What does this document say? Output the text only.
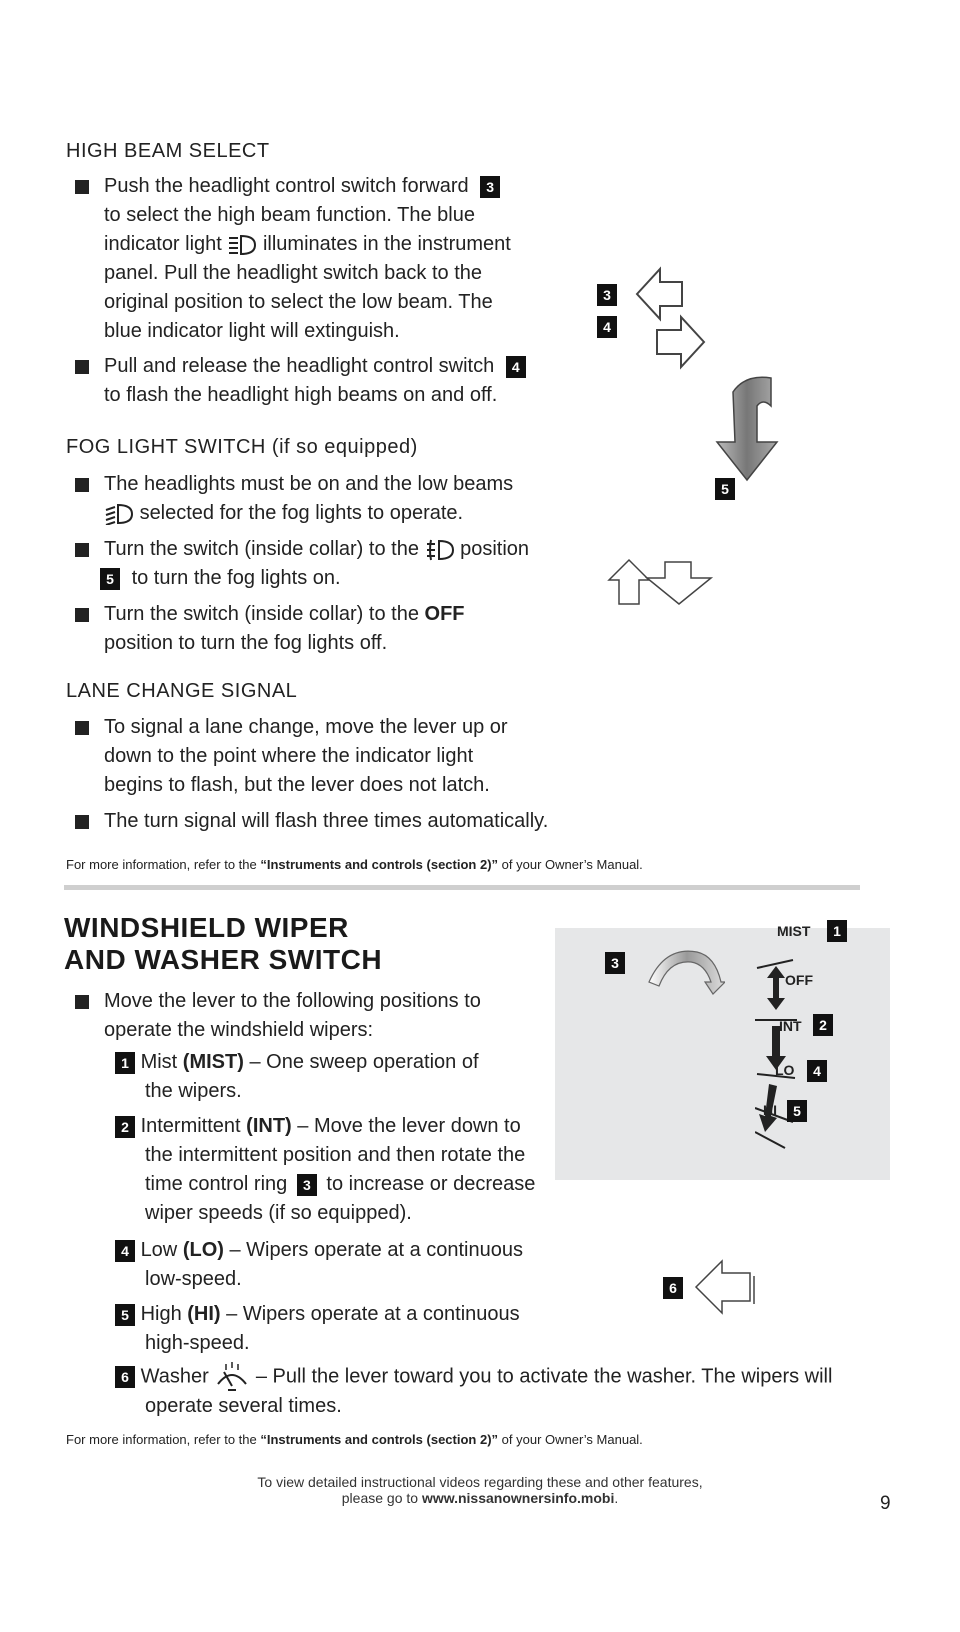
HIGH BEAM SELECT
Push the headlight control switch forward 3
to select the high beam function. The blue
indicator light illuminates in the instrument
panel. Pull the headlight switch back to the
original position to select the low beam. The
blue indicator light will extinguish.
Pull and release the headlight control switch 4
to flash the headlight high beams on and off.
FOG LIGHT SWITCH (if so equipped)
The headlights must be on and the low beams
selected for the fog lights to operate.
Turn the switch (inside collar) to the position
5 to turn the fog lights on.
Turn the switch (inside collar) to the OFF
position to turn the fog lights off.
LANE CHANGE SIGNAL
To signal a lane change, move the lever up or
down to the point where the indicator light
begins to flash, but the lever does not latch.
The turn signal will flash three times automatically.
For more information, refer to the “Instruments and controls (section 2)” of your Owner’s Manual.
3
4
5
WINDSHIELD WIPER
AND WASHER SWITCH
Move the lever to the following positions to
operate the windshield wipers:
1 Mist (MIST) – One sweep operation of
the wipers.
2 Intermittent (INT) – Move the lever down to
the intermittent position and then rotate the
time control ring 3 to increase or decrease
wiper speeds (if so equipped).
4 Low (LO) – Wipers operate at a continuous
low-speed.
5 High (HI) – Wipers operate at a continuous
high-speed.
6 Washer – Pull the lever toward you to activate the washer. The wipers will
operate several times.
For more information, refer to the “Instruments and controls (section 2)” of your Owner’s Manual.
3
MIST	1
OFF
INT	2
LO	4
HI	5
6
To view detailed instructional videos regarding these and other features,
please go to www.nissanownersinfo.mobi.	9
